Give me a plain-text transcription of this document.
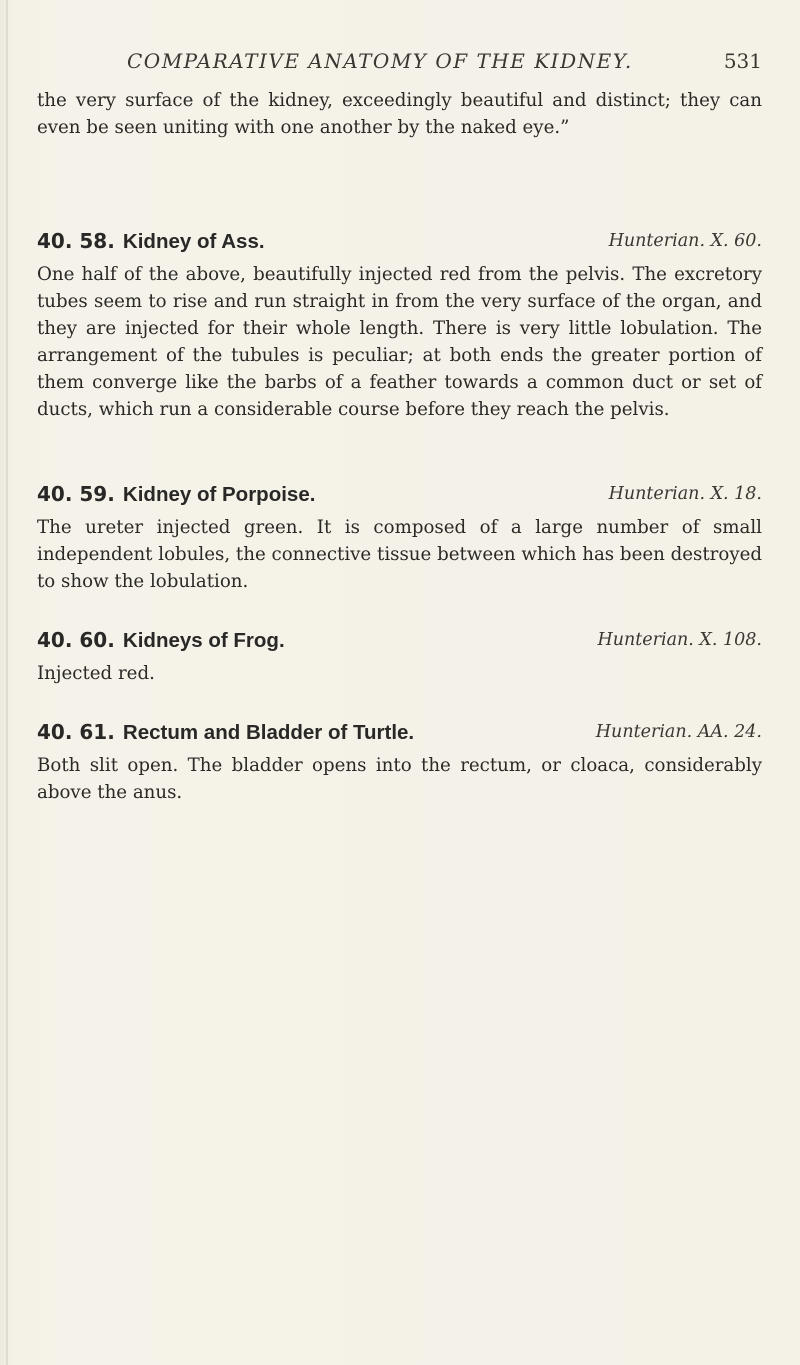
COMPARATIVE ANATOMY OF THE KIDNEY.	531

the very surface of the kidney, exceedingly beautiful and distinct; they can even be seen uniting with one another by the naked eye.”

40. 58. Kidney of Ass.	Hunterian. X. 60.

One half of the above, beautifully injected red from the pelvis. The excretory tubes seem to rise and run straight in from the very surface of the organ, and they are injected for their whole length. There is very little lobulation. The arrangement of the tubules is peculiar; at both ends the greater portion of them converge like the barbs of a feather towards a common duct or set of ducts, which run a considerable course before they reach the pelvis.

40. 59. Kidney of Porpoise.	Hunterian. X. 18.

The ureter injected green. It is composed of a large number of small independent lobules, the connective tissue between which has been destroyed to show the lobulation.

40. 60. Kidneys of Frog.	Hunterian. X. 108.

Injected red.

40. 61. Rectum and Bladder of Turtle.	Hunterian. AA. 24.

Both slit open. The bladder opens into the rectum, or cloaca, considerably above the anus.
